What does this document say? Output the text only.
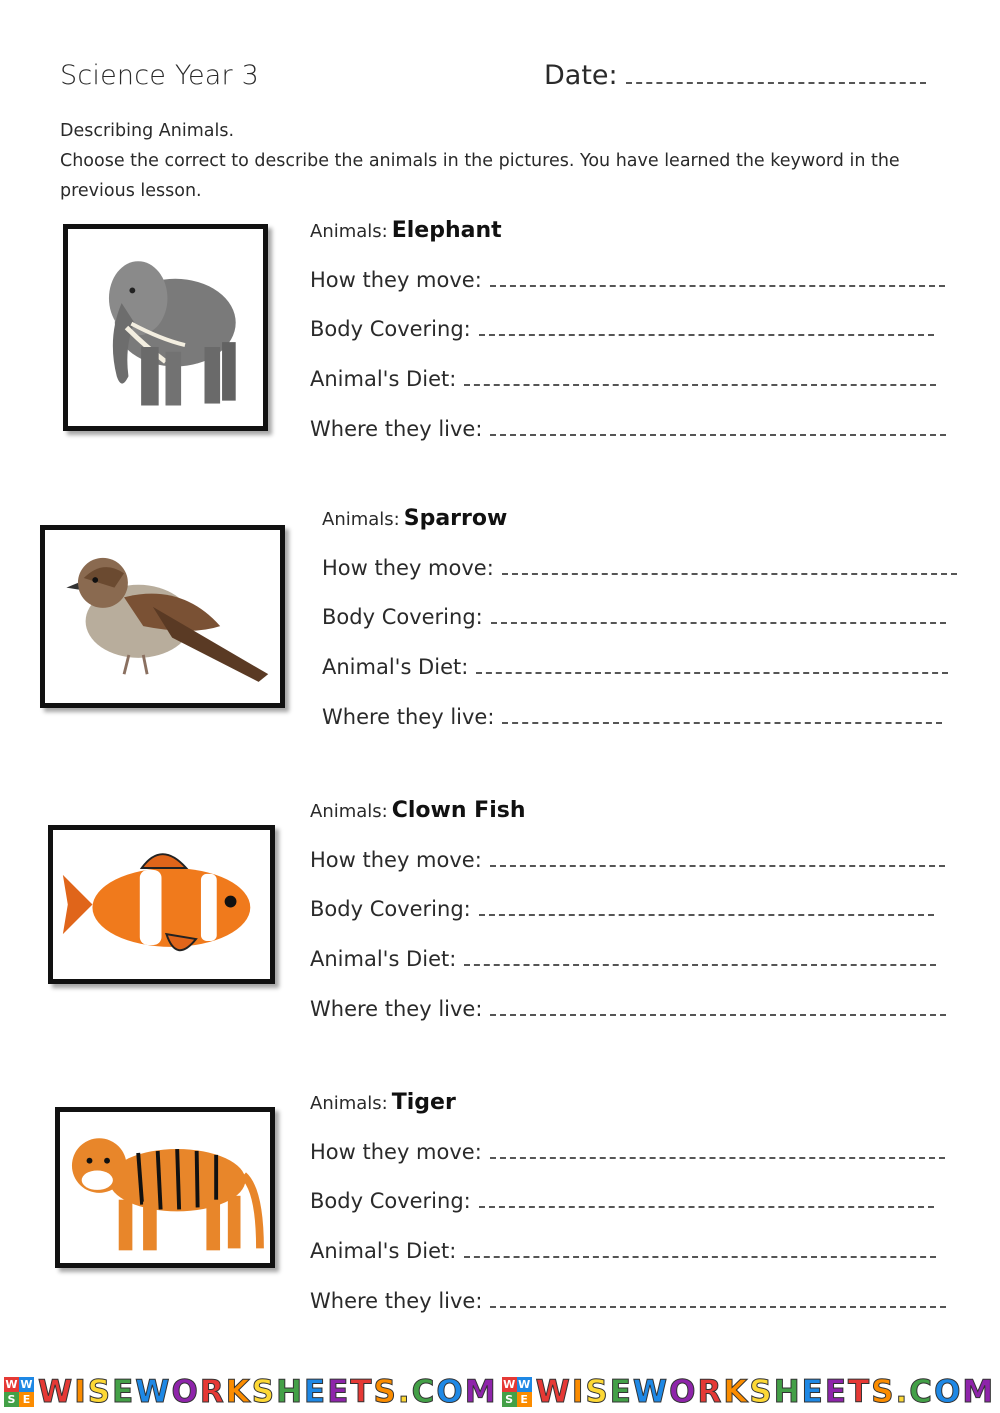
Science Year 3	Date:

Describing Animals.

Choose the correct to describe the animals in the pictures. You have learned the keyword in the previous lesson.

Animals: Elephant
How they move:
Body Covering:
Animal's Diet:
Where they live:
Animals: Sparrow
How they move:
Body Covering:
Animal's Diet:
Where they live:
Animals: Clown Fish
How they move:
Body Covering:
Animal's Diet:
Where they live:
Animals: Tiger
How they move:
Body Covering:
Animal's Diet:
Where they live:
W W
S E WISEWORKSHEETS.COM W W
S E WISEWORKSHEETS.COM
